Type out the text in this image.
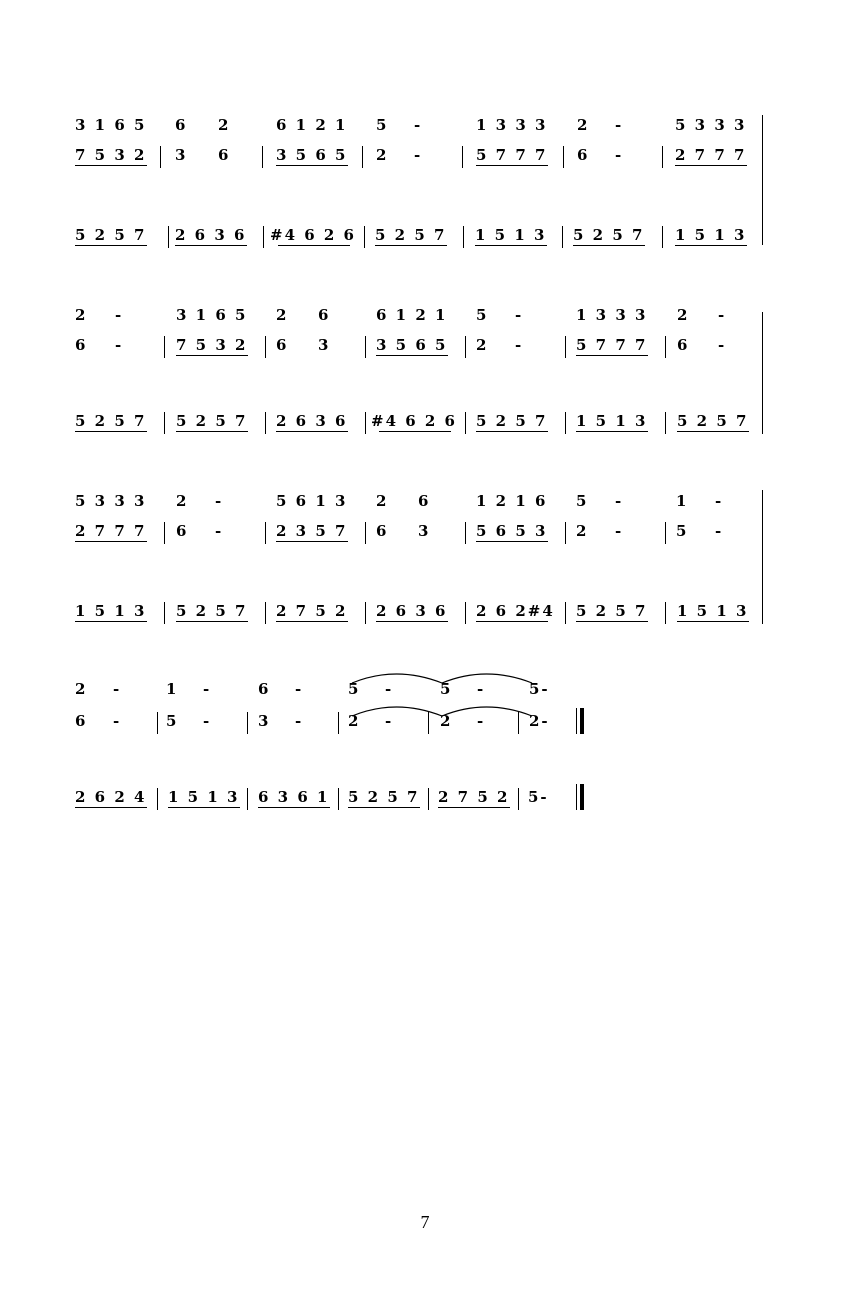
3 1 6 5 6 2	6 1 2 1 5 -	1 3 3 3 2 -	5 3 3 3
7 5 3 2 3 6	3 5 6 5 2 -	5 7 7 7 6 -	2 7 7 7
5 2 5 7 2 6 3 6 #4 6 2 6 5 2 5 7 1 5 1 3 5 2 5 7 1 5 1 3
2 -	3 1 6 5 2 6	6 1 2 1 5 -	1 3 3 3 2 -
6 -	7 5 3 2 6 3	3 5 6 5 2 -	5 7 7 7 6 -
5 2 5 7 5 2 5 7 2 6 3 6 #4 6 2 6 5 2 5 7 1 5 1 3 5 2 5 7
5 3 3 3 2 -	5 6 1 3 2 6	1 2 1 6 5 -	1 -
2 7 7 7 6 -	2 3 5 7 6 3	5 6 5 3 2 -	5 -
1 5 1 3 5 2 5 7 2 7 5 2 2 6 3 6 2 6 2#4 5 2 5 7 1 5 1 3
2 -	1 -	6 -	5 -	5 -	5-
6 -	5 -	3 -	2 -	2 -	2-
2 6 2 4 1 5 1 3 6 3 6 1 5 2 5 7 2 7 5 2 5-
7
